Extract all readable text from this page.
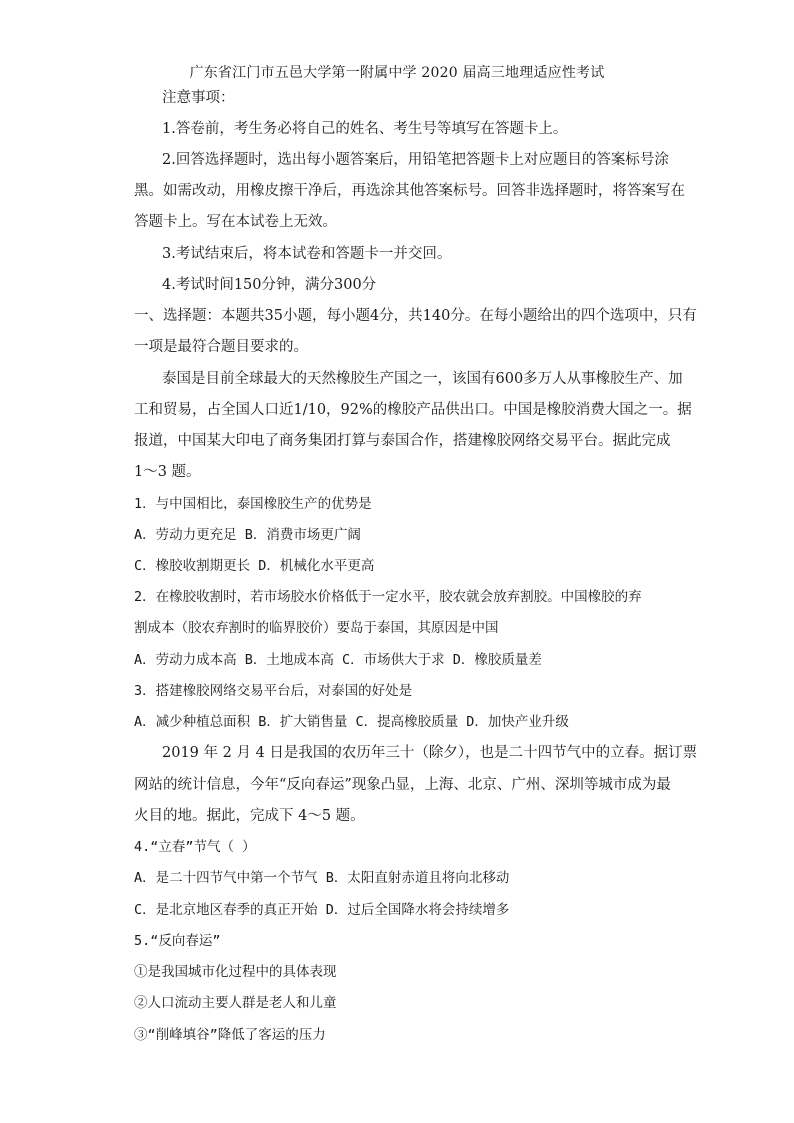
广东省江门市五邑大学第一附属中学 2020 届高三地理适应性考试
注意事项：
1.答卷前，考生务必将自己的姓名、考生号等填写在答题卡上。
2.回答选择题时，选出每小题答案后，用铅笔把答题卡上对应题目的答案标号涂
黑。如需改动，用橡皮擦干净后，再选涂其他答案标号。回答非选择题时，将答案写在
答题卡上。写在本试卷上无效。
3.考试结束后，将本试卷和答题卡一并交回。
4.考试时间150分钟，满分300分
一、选择题：本题共35小题，每小题4分，共140分。在每小题给出的四个选项中，只有
一项是最符合题目要求的。
泰国是目前全球最大的天然橡胶生产国之一，该国有600多万人从事橡胶生产、加
工和贸易，占全国人口近1/10，92%的橡胶产品供出口。中国是橡胶消费大国之一。据
报道，中国某大印电了商务集团打算与泰国合作，搭建橡胶网络交易平台。据此完成
1～3 题。
1．与中国相比，泰国橡胶生产的优势是
A．劳动力更充足 B．消费市场更广阔
C．橡胶收割期更长 D．机械化水平更高
2．在橡胶收割时，若市场胶水价格低于一定水平，胶农就会放弃割胶。中国橡胶的弃
割成本（胶农弃割时的临界胶价）要岛于泰国，其原因是中国
A．劳动力成本高 B．土地成本高 C．市场供大于求 D．橡胶质量差
3．搭建橡胶网络交易平台后，对泰国的好处是
A．减少种植总面积 B．扩大销售量 C．提高橡胶质量 D．加快产业升级
2019 年 2 月 4 日是我国的农历年三十（除夕），也是二十四节气中的立春。据订票
网站的统计信息，今年“反向春运”现象凸显，上海、北京、广州、深圳等城市成为最
火目的地。据此，完成下 4～5 题。
4.“立春”节气（ ）
A．是二十四节气中第一个节气 B．太阳直射赤道且将向北移动
C．是北京地区春季的真正开始 D．过后全国降水将会持续增多
5.“反向春运”
①是我国城市化过程中的具体表现
②人口流动主要人群是老人和儿童
③“削峰填谷”降低了客运的压力
